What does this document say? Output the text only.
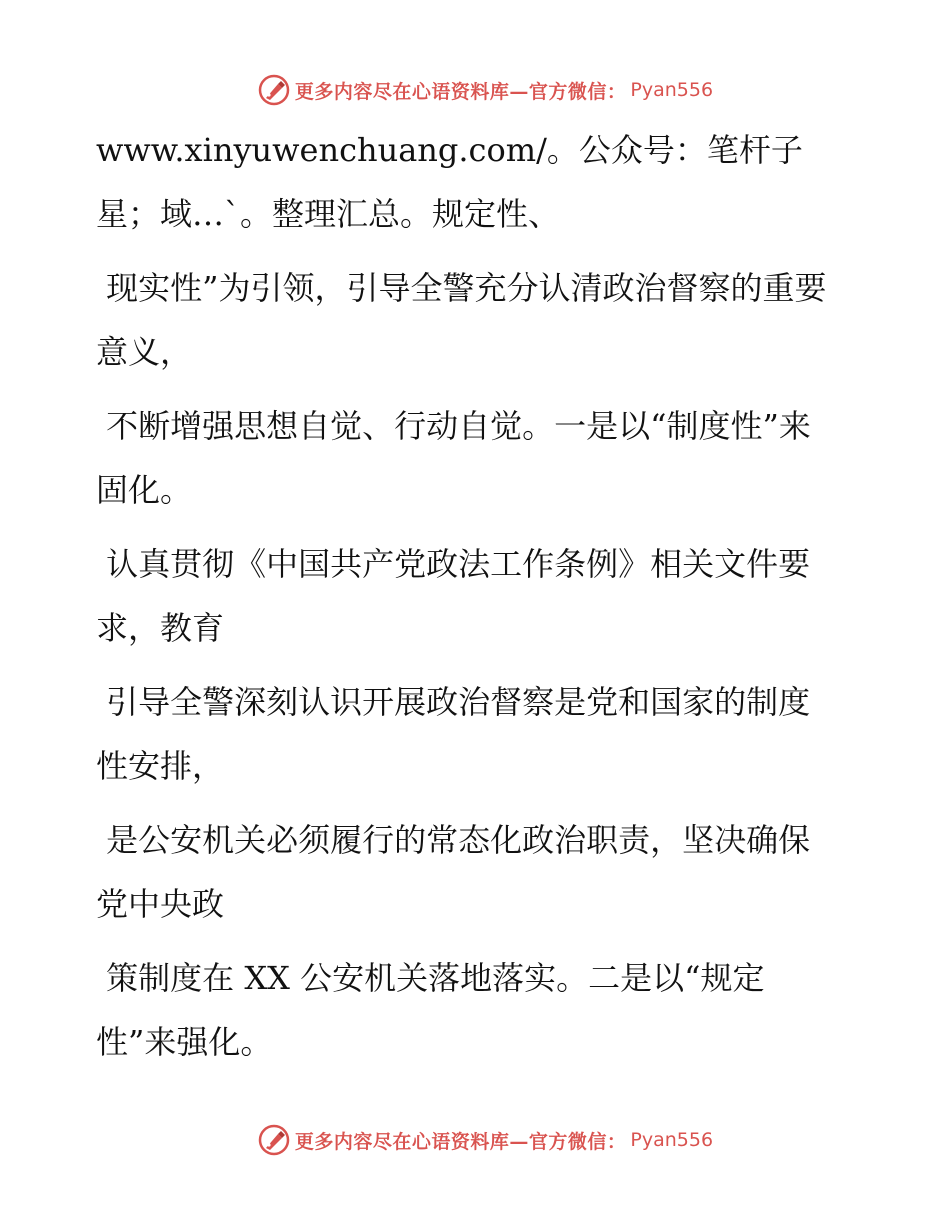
更多内容尽在心语资料库—官方微信： Pyan556

www.xinyuwenchuang.com/。公众号：笔杆子星；域…`。整理汇总。规定性、

现实性”为引领，引导全警充分认清政治督察的重要意义，

不断增强思想自觉、行动自觉。一是以“制度性”来固化。

认真贯彻《中国共产党政法工作条例》相关文件要求，教育

引导全警深刻认识开展政治督察是党和国家的制度性安排，

是公安机关必须履行的常态化政治职责，坚决确保党中央政

策制度在 XX 公安机关落地落实。二是以“规定性”来强化。

更多内容尽在心语资料库—官方微信： Pyan556
